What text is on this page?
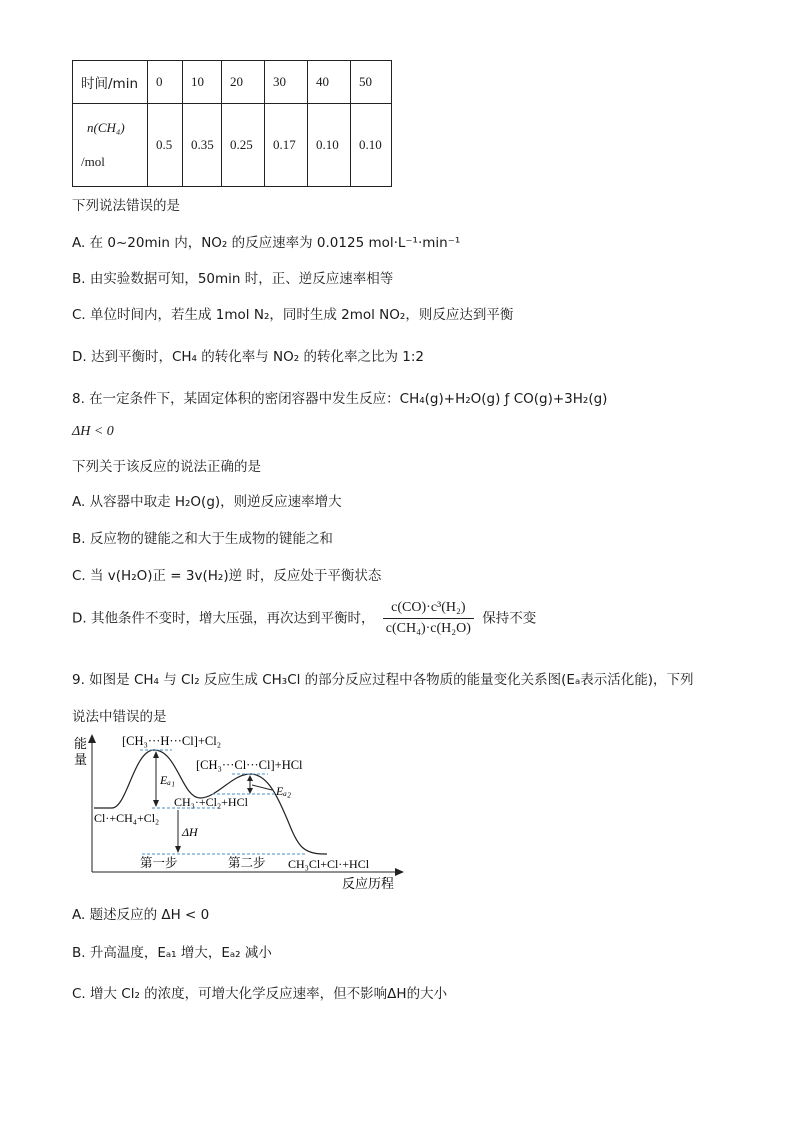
时间/min	0	10	20	30	40	50

n(CH₄)
/mol	0.5	0.35	0.25	0.17	0.10	0.10
下列说法错误的是
A. 在 0~20min 内，NO₂ 的反应速率为 0.0125 mol·L⁻¹·min⁻¹
B. 由实验数据可知，50min 时，正、逆反应速率相等
C. 单位时间内，若生成 1mol N₂，同时生成 2mol NO₂，则反应达到平衡
D. 达到平衡时，CH₄ 的转化率与 NO₂ 的转化率之比为 1:2
8. 在一定条件下，某固定体积的密闭容器中发生反应：CH₄(g)+H₂O(g) ƒ CO(g)+3H₂(g)
ΔH < 0
下列关于该反应的说法正确的是
A. 从容器中取走 H₂O(g)，则逆反应速率增大
B. 反应物的键能之和大于生成物的键能之和
C. 当 v(H₂O)正 = 3v(H₂)逆 时，反应处于平衡状态
D. 其他条件不变时，增大压强，再次达到平衡时， $\frac{\text{c(CO)·c³(H₂)}}{\text{c(CH₄)·c(H₂O)}}$ 保持不变
9. 如图是 CH₄ 与 Cl₂ 反应生成 CH₃Cl 的部分反应过程中各物质的能量变化关系图(Eₐ表示活化能)，下列
说法中错误的是
能
量
反应历程
[CH₃···H···Cl]+Cl₂
[CH₃···Cl···Cl]+HCl
CH₃·+Cl₂+HCl
Cl·+CH₄+Cl₂
CH₃Cl+Cl·+HCl
Eₐ₁
Eₐ₂
ΔH
第一步	第二步
A. 题述反应的 ΔH < 0
B. 升高温度，Eₐ₁ 增大，Eₐ₂ 减小
C. 增大 Cl₂ 的浓度，可增大化学反应速率，但不影响ΔH的大小
